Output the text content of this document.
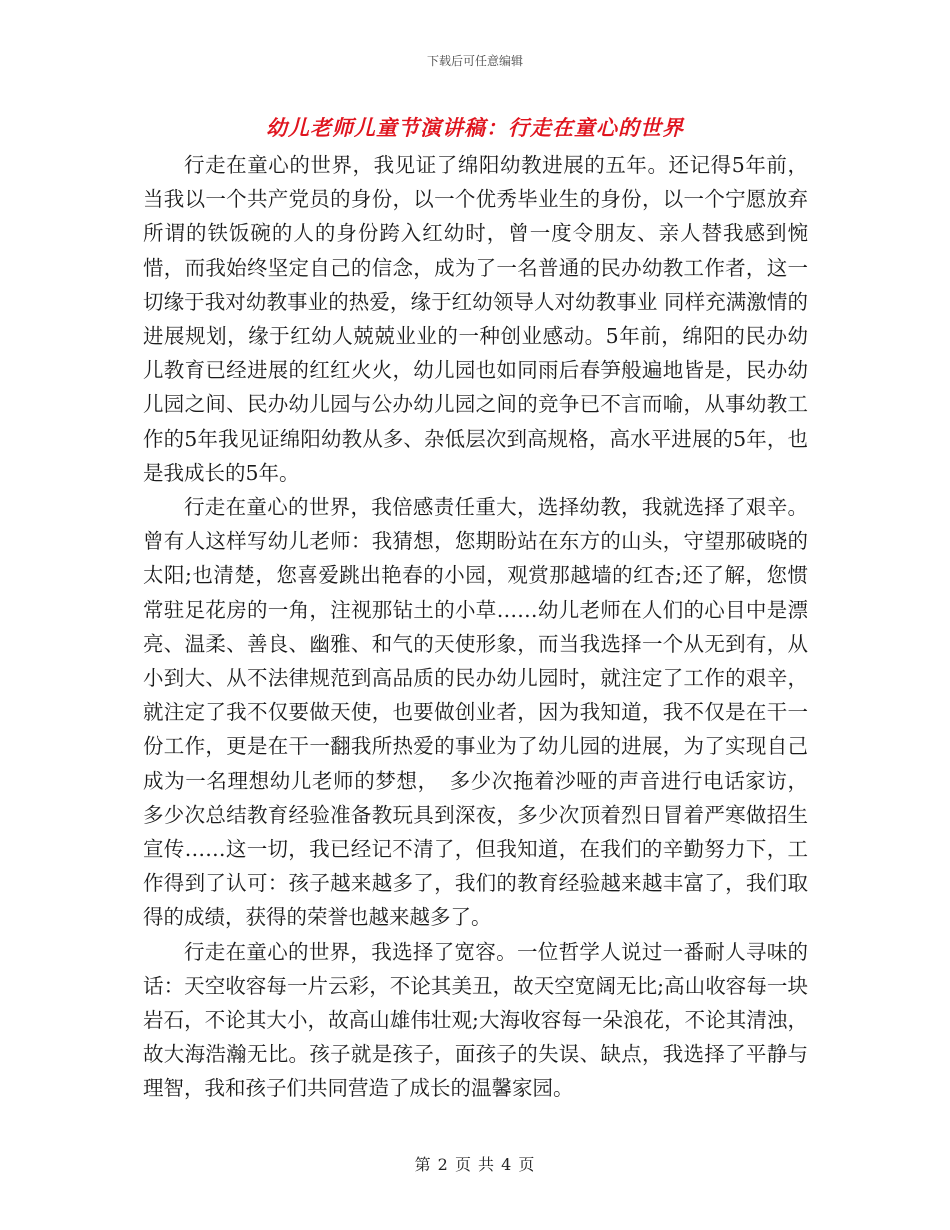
下载后可任意编辑
幼儿老师儿童节演讲稿：行走在童心的世界

行走在童心的世界，我见证了绵阳幼教进展的五年。还记得5年前，当我以一个共产党员的身份，以一个优秀毕业生的身份，以一个宁愿放弃所谓的铁饭碗的人的身份跨入红幼时，曾一度令朋友、亲人替我感到惋惜，而我始终坚定自己的信念，成为了一名普通的民办幼教工作者，这一切缘于我对幼教事业的热爱，缘于红幼领导人对幼教事业 同样充满激情的进展规划，缘于红幼人兢兢业业的一种创业感动。5年前，绵阳的民办幼儿教育已经进展的红红火火，幼儿园也如同雨后春笋般遍地皆是，民办幼儿园之间、民办幼儿园与公办幼儿园之间的竞争已不言而喻，从事幼教工作的5年我见证绵阳幼教从多、杂低层次到高规格，高水平进展的5年，也是我成长的5年。

行走在童心的世界，我倍感责任重大，选择幼教，我就选择了艰辛。曾有人这样写幼儿老师：我猜想，您期盼站在东方的山头，守望那破晓的太阳;也清楚，您喜爱跳出艳春的小园，观赏那越墙的红杏;还了解，您惯常驻足花房的一角，注视那钻土的小草……幼儿老师在人们的心目中是漂亮、温柔、善良、幽雅、和气的天使形象，而当我选择一个从无到有，从小到大、从不法律规范到高品质的民办幼儿园时，就注定了工作的艰辛，就注定了我不仅要做天使，也要做创业者，因为我知道，我不仅是在干一份工作，更是在干一翻我所热爱的事业为了幼儿园的进展，为了实现自己成为一名理想幼儿老师的梦想，　多少次拖着沙哑的声音进行电话家访，多少次总结教育经验准备教玩具到深夜，多少次顶着烈日冒着严寒做招生宣传……这一切，我已经记不清了，但我知道，在我们的辛勤努力下，工作得到了认可：孩子越来越多了，我们的教育经验越来越丰富了，我们取得的成绩，获得的荣誉也越来越多了。

行走在童心的世界，我选择了宽容。一位哲学人说过一番耐人寻味的话：天空收容每一片云彩，不论其美丑，故天空宽阔无比;高山收容每一块岩石，不论其大小，故高山雄伟壮观;大海收容每一朵浪花，不论其清浊，故大海浩瀚无比。孩子就是孩子，面孩子的失误、缺点，我选择了平静与理智，我和孩子们共同营造了成长的温馨家园。

第 2 页 共 4 页
